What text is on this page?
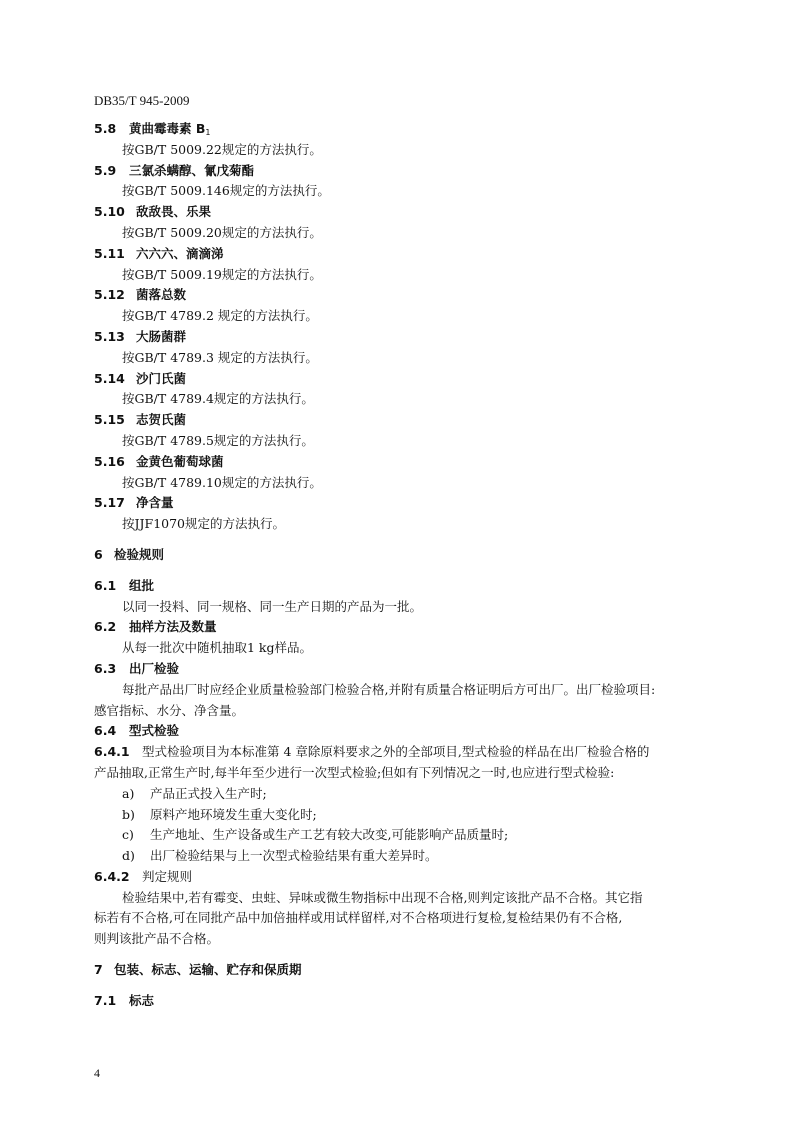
DB35/T 945-2009
5.8 黄曲霉毒素 $B_1$
按GB/T 5009.22规定的方法执行。
5.9 三氯杀螨醇、氰戊菊酯
按GB/T 5009.146规定的方法执行。
5.10 敌敌畏、乐果
按GB/T 5009.20规定的方法执行。
5.11 六六六、滴滴涕
按GB/T 5009.19规定的方法执行。
5.12 菌落总数
按GB/T 4789.2 规定的方法执行。
5.13 大肠菌群
按GB/T 4789.3 规定的方法执行。
5.14 沙门氏菌
按GB/T 4789.4规定的方法执行。
5.15 志贺氏菌
按GB/T 4789.5规定的方法执行。
5.16 金黄色葡萄球菌
按GB/T 4789.10规定的方法执行。
5.17 净含量
按JJF1070规定的方法执行。
6 检验规则
6.1 组批
以同一投料、同一规格、同一生产日期的产品为一批。
6.2 抽样方法及数量
从每一批次中随机抽取1 kg样品。
6.3 出厂检验
每批产品出厂时应经企业质量检验部门检验合格,并附有质量合格证明后方可出厂。出厂检验项目:
感官指标、水分、净含量。
6.4 型式检验
6.4.1 型式检验项目为本标准第 4 章除原料要求之外的全部项目,型式检验的样品在出厂检验合格的
产品抽取,正常生产时,每半年至少进行一次型式检验;但如有下列情况之一时,也应进行型式检验:
a) 产品正式投入生产时;
b) 原料产地环境发生重大变化时;
c) 生产地址、生产设备或生产工艺有较大改变,可能影响产品质量时;
d) 出厂检验结果与上一次型式检验结果有重大差异时。
6.4.2 判定规则
检验结果中,若有霉变、虫蛀、异味或微生物指标中出现不合格,则判定该批产品不合格。其它指
标若有不合格,可在同批产品中加倍抽样或用试样留样,对不合格项进行复检,复检结果仍有不合格,
则判该批产品不合格。
7 包装、标志、运输、贮存和保质期
7.1 标志
4
